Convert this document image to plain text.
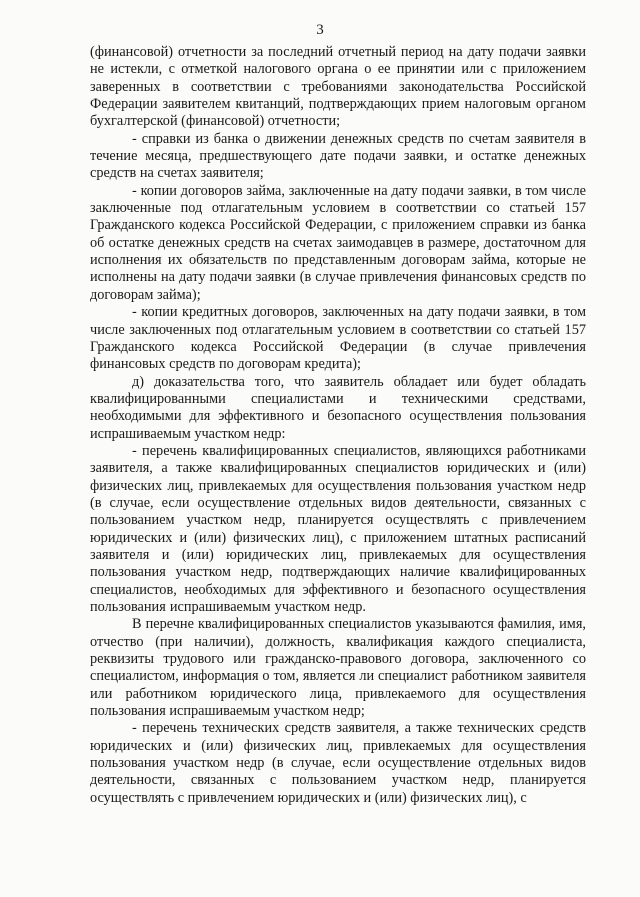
3

(финансовой) отчетности за последний отчетный период на дату подачи заявки не истекли, с отметкой налогового органа о ее принятии или с приложением заверенных в соответствии с требованиями законодательства Российской Федерации заявителем квитанций, подтверждающих прием налоговым органом бухгалтерской (финансовой) отчетности;

- справки из банка о движении денежных средств по счетам заявителя в течение месяца, предшествующего дате подачи заявки, и остатке денежных средств на счетах заявителя;

- копии договоров займа, заключенные на дату подачи заявки, в том числе заключенные под отлагательным условием в соответствии со статьей 157 Гражданского кодекса Российской Федерации, с приложением справки из банка об остатке денежных средств на счетах заимодавцев в размере, достаточном для исполнения их обязательств по представленным договорам займа, которые не исполнены на дату подачи заявки (в случае привлечения финансовых средств по договорам займа);

- копии кредитных договоров, заключенных на дату подачи заявки, в том числе заключенных под отлагательным условием в соответствии со статьей 157 Гражданского кодекса Российской Федерации (в случае привлечения финансовых средств по договорам кредита);

д) доказательства того, что заявитель обладает или будет обладать квалифицированными специалистами и техническими средствами, необходимыми для эффективного и безопасного осуществления пользования испрашиваемым участком недр:

- перечень квалифицированных специалистов, являющихся работниками заявителя, а также квалифицированных специалистов юридических и (или) физических лиц, привлекаемых для осуществления пользования участком недр (в случае, если осуществление отдельных видов деятельности, связанных с пользованием участком недр, планируется осуществлять с привлечением юридических и (или) физических лиц), с приложением штатных расписаний заявителя и (или) юридических лиц, привлекаемых для осуществления пользования участком недр, подтверждающих наличие квалифицированных специалистов, необходимых для эффективного и безопасного осуществления пользования испрашиваемым участком недр.

В перечне квалифицированных специалистов указываются фамилия, имя, отчество (при наличии), должность, квалификация каждого специалиста, реквизиты трудового или гражданско-правового договора, заключенного со специалистом, информация о том, является ли специалист работником заявителя или работником юридического лица, привлекаемого для осуществления пользования испрашиваемым участком недр;

- перечень технических средств заявителя, а также технических средств юридических и (или) физических лиц, привлекаемых для осуществления пользования участком недр (в случае, если осуществление отдельных видов деятельности, связанных с пользованием участком недр, планируется осуществлять с привлечением юридических и (или) физических лиц), с
